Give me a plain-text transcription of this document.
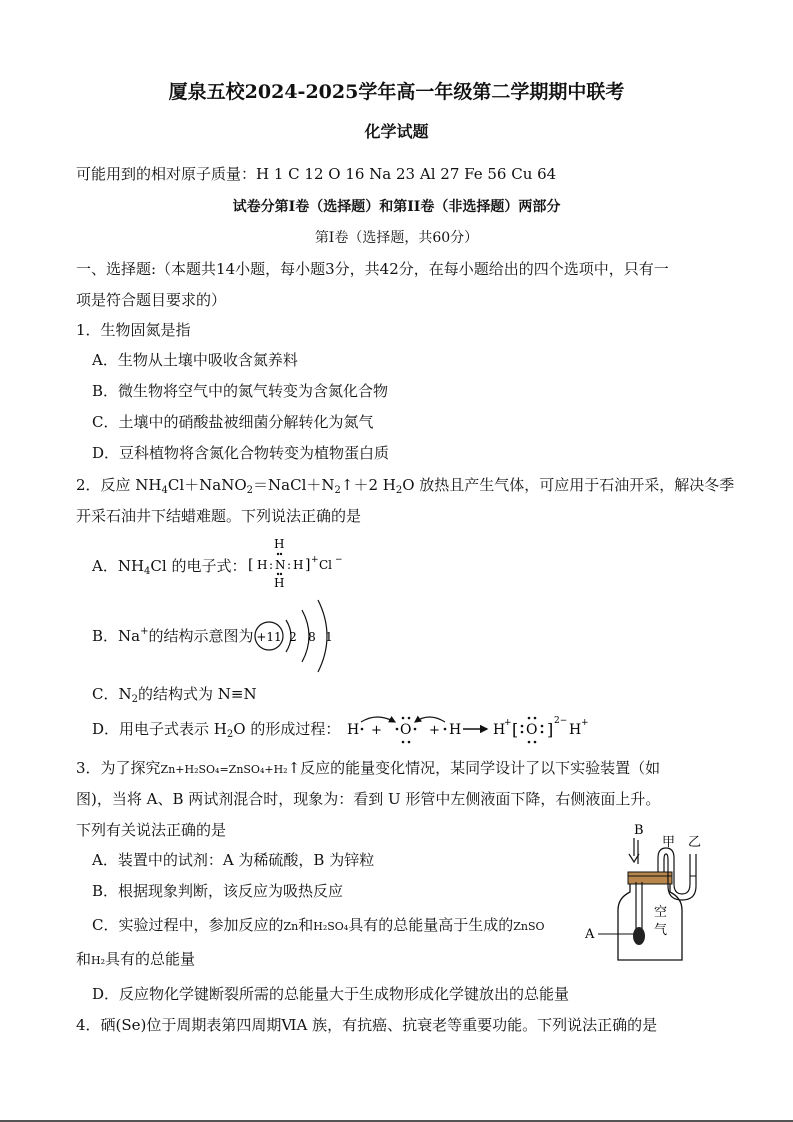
厦泉五校2024-2025学年高一年级第二学期期中联考
化学试题
可能用到的相对原子质量：H 1 C 12 O 16 Na 23 Al 27 Fe 56 Cu 64
试卷分第Ⅰ卷（选择题）和第ⅠⅠ卷（非选择题）两部分
第Ⅰ卷（选择题，共60分）
一、选择题:（本题共14小题，每小题3分，共42分，在每小题给出的四个选项中，只有一
项是符合题目要求的）
1．生物固氮是指
A．生物从土壤中吸收含氮养料
B．微生物将空气中的氮气转变为含氮化合物
C．土壤中的硝酸盐被细菌分解转化为氮气
D．豆科植物将含氮化合物转变为植物蛋白质
2．反应 $NH_4Cl+NaNO_2=NaCl+N_2↑+2$ $H_2O$ 放热且产生气体，可应用于石油开采，解决冬季
开采石油井下结蜡难题。下列说法正确的是
A．$NH_4Cl$ 的电子式： [
H
H : N : H
H
] + Cl −
B．Na+的结构示意图为 +11 2 8 1
C．$N_2$的结构式为 N≡N
D．用电子式表示 $H_2O$ 的形成过程： H + O + H H
+ [ O ] 2−
H +
3．为了探究Zn+H₂SO₄=ZnSO₄+H₂↑反应的能量变化情况，某同学设计了以下实验装置（如
图)，当将 A、B 两试剂混合时，现象为：看到 U 形管中左侧液面下降，右侧液面上升。
下列有关说法正确的是
A．装置中的试剂：A 为稀硫酸，B 为锌粒
B．根据现象判断，该反应为吸热反应
C．实验过程中，参加反应的Zn和H₂SO₄具有的总能量高于生成的ZnSO
和H₂具有的总能量
D．反应物化学键断裂所需的总能量大于生成物形成化学键放出的总能量
B
甲 乙
空
气
A
4．硒(Se)位于周期表第四周期ⅥA 族，有抗癌、抗衰老等重要功能。下列说法正确的是
